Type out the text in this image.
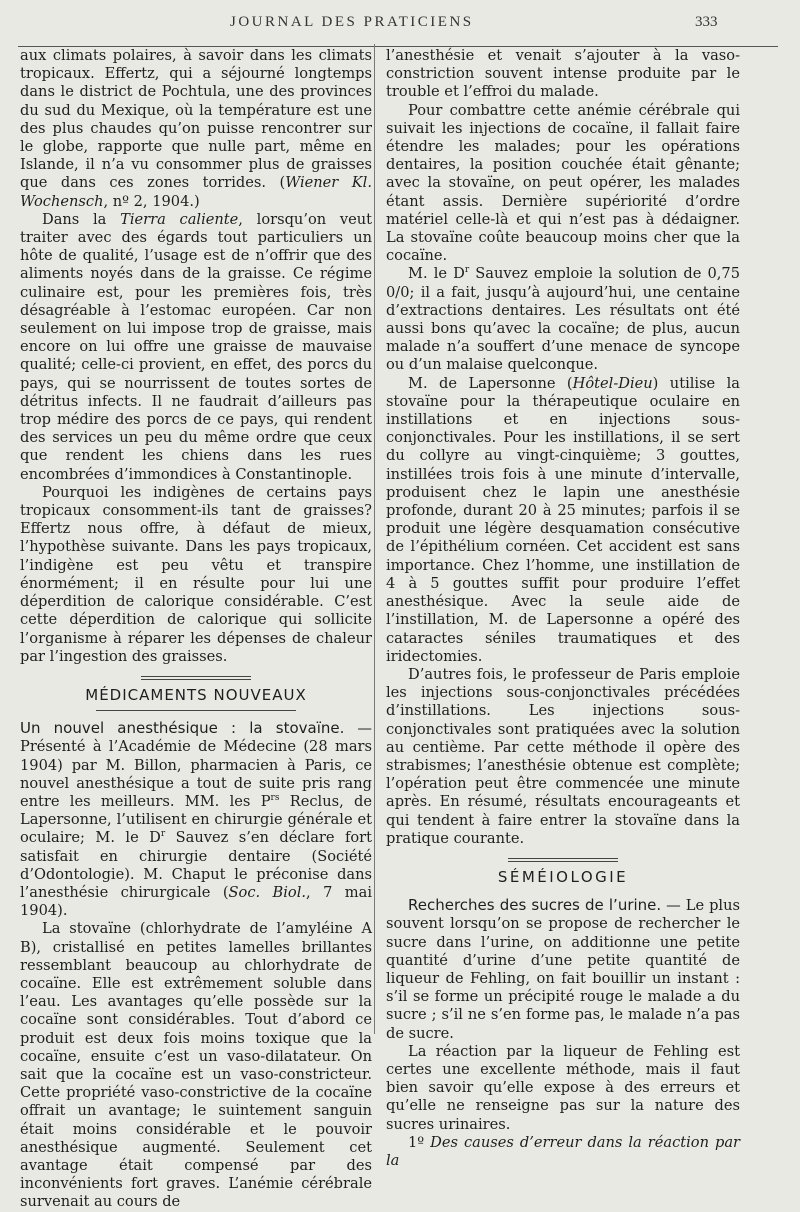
JOURNAL DES PRATICIENS	333

aux climats polaires, à savoir dans les climats tropicaux. Effertz, qui a séjourné longtemps dans le district de Pochtula, une des provinces du sud du Mexique, où la température est une des plus chaudes qu’on puisse rencontrer sur le globe, rapporte que nulle part, même en Islande, il n’a vu consommer plus de graisses que dans ces zones torrides. (Wiener Kl. Wochensch, nº 2, 1904.)

Dans la Tierra caliente, lorsqu’on veut traiter avec des égards tout particuliers un hôte de qualité, l’usage est de n’offrir que des aliments noyés dans de la graisse. Ce régime culinaire est, pour les premières fois, très désagréable à l’estomac européen. Car non seulement on lui impose trop de graisse, mais encore on lui offre une graisse de mauvaise qualité; celle-ci provient, en effet, des porcs du pays, qui se nourrissent de toutes sortes de détritus infects. Il ne faudrait d’ailleurs pas trop médire des porcs de ce pays, qui rendent des services un peu du même ordre que ceux que rendent les chiens dans les rues encombrées d’immondices à Constantinople.

Pourquoi les indigènes de certains pays tropicaux consomment-ils tant de graisses? Effertz nous offre, à défaut de mieux, l’hypothèse suivante. Dans les pays tropicaux, l’indigène est peu vêtu et transpire énormément; il en résulte pour lui une déperdition de calorique considérable. C’est cette déperdition de calorique qui sollicite l’organisme à réparer les dépenses de chaleur par l’ingestion des graisses.

MÉDICAMENTS NOUVEAUX

Un nouvel anesthésique : la stovaïne. — Présenté à l’Académie de Médecine (28 mars 1904) par M. Billon, pharmacien à Paris, ce nouvel anesthésique a tout de suite pris rang entre les meilleurs. MM. les $P^{rs}$ Reclus, de Lapersonne, l’utilisent en chirurgie générale et oculaire; M. le $D^r$ Sauvez s’en déclare fort satisfait en chirurgie dentaire (Société d’Odontologie). M. Chaput le préconise dans l’anesthésie chirurgicale (Soc. Biol., 7 mai 1904).

La stovaïne (chlorhydrate de l’amyléine A B), cristallisé en petites lamelles brillantes ressemblant beaucoup au chlorhydrate de cocaïne. Elle est extrêmement soluble dans l’eau. Les avantages qu’elle possède sur la cocaïne sont considérables. Tout d’abord ce produit est deux fois moins toxique que la cocaïne, ensuite c’est un vaso-dilatateur. On sait que la cocaïne est un vaso-constricteur. Cette propriété vaso-constrictive de la cocaïne offrait un avantage; le suintement sanguin était moins considérable et le pouvoir anesthésique augmenté. Seulement cet avantage était compensé par des inconvénients fort graves. L’anémie cérébrale survenait au cours de

l’anesthésie et venait s’ajouter à la vaso-constriction souvent intense produite par le trouble et l’effroi du malade.

Pour combattre cette anémie cérébrale qui suivait les injections de cocaïne, il fallait faire étendre les malades; pour les opérations dentaires, la position couchée était gênante; avec la stovaïne, on peut opérer, les malades étant assis. Dernière supériorité d’ordre matériel celle-là et qui n’est pas à dédaigner. La stovaïne coûte beaucoup moins cher que la cocaïne.

M. le $D^r$ Sauvez emploie la solution de 0,75 0/0; il a fait, jusqu’à aujourd’hui, une centaine d’extractions dentaires. Les résultats ont été aussi bons qu’avec la cocaïne; de plus, aucun malade n’a souffert d’une menace de syncope ou d’un malaise quelconque.

M. de Lapersonne (Hôtel-Dieu) utilise la stovaïne pour la thérapeutique oculaire en instillations et en injections sous-conjonctivales. Pour les instillations, il se sert du collyre au vingt-cinquième; 3 gouttes, instillées trois fois à une minute d’intervalle, produisent chez le lapin une anesthésie profonde, durant 20 à 25 minutes; parfois il se produit une légère desquamation consécutive de l’épithélium cornéen. Cet accident est sans importance. Chez l’homme, une instillation de 4 à 5 gouttes suffit pour produire l’effet anesthésique. Avec la seule aide de l’instillation, M. de Lapersonne a opéré des cataractes séniles traumatiques et des iridectomies.

D’autres fois, le professeur de Paris emploie les injections sous-conjonctivales précédées d’instillations. Les injections sous-conjonctivales sont pratiquées avec la solution au centième. Par cette méthode il opère des strabismes; l’anesthésie obtenue est complète; l’opération peut être commencée une minute après. En résumé, résultats encourageants et qui tendent à faire entrer la stovaïne dans la pratique courante.

SÉMÉIOLOGIE

Recherches des sucres de l’urine. — Le plus souvent lorsqu’on se propose de rechercher le sucre dans l’urine, on additionne une petite quantité d’urine d’une petite quantité de liqueur de Fehling, on fait bouillir un instant : s’il se forme un précipité rouge le malade a du sucre ; s’il ne s’en forme pas, le malade n’a pas de sucre.

La réaction par la liqueur de Fehling est certes une excellente méthode, mais il faut bien savoir qu’elle expose à des erreurs et qu’elle ne renseigne pas sur la nature des sucres urinaires.

1º Des causes d’erreur dans la réaction par la
